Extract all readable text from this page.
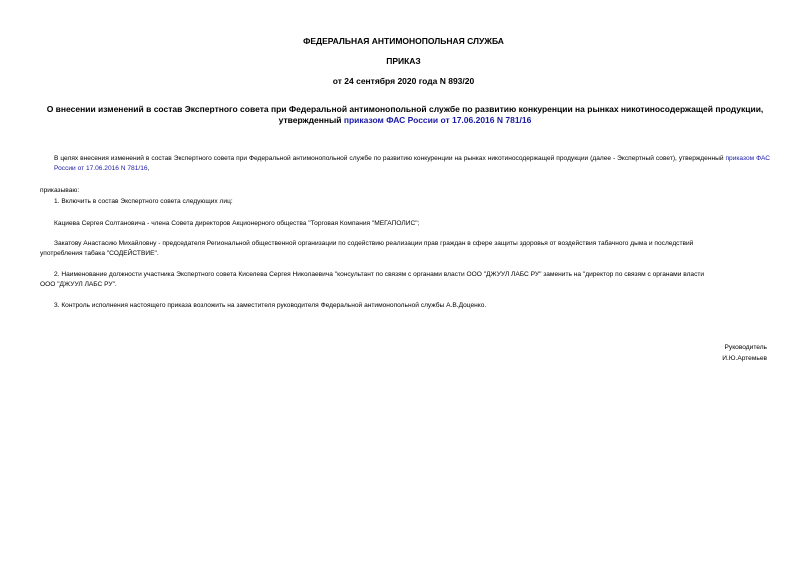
ФЕДЕРАЛЬНАЯ АНТИМОНОПОЛЬНАЯ СЛУЖБА
ПРИКАЗ
от 24 сентября 2020 года N 893/20
О внесении изменений в состав Экспертного совета при Федеральной антимонопольной службе по развитию конкуренции на рынках никотиносодержащей продукции, утвержденный приказом ФАС России от 17.06.2016 N 781/16
В целях внесения изменений в состав Экспертного совета при Федеральной антимонопольной службе по развитию конкуренции на рынках никотиносодержащей продукции (далее - Экспертный совет), утвержденный приказом ФАС России от 17.06.2016 N 781/16,
приказываю:
1. Включить в состав Экспертного совета следующих лиц:
Кациева Сергея Солтановича - члена Совета директоров Акционерного общества "Торговая Компания "МЕГАПОЛИС";
Закатову Анастасию Михайловну - председателя Региональной общественной организации по содействию реализации прав граждан в сфере защиты здоровья от воздействия табачного дыма и последствий
употребления табака "СОДЕЙСТВИЕ".
2. Наименование должности участника Экспертного совета Киселева Сергея Николаевича "консультант по связям с органами власти ООО "ДЖУУЛ ЛАБС РУ" заменить на "директор по связям с органами власти
ООО "ДЖУУЛ ЛАБС РУ".
3. Контроль исполнения настоящего приказа возложить на заместителя руководителя Федеральной антимонопольной службы А.В.Доценко.
Руководитель
И.Ю.Артемьев
